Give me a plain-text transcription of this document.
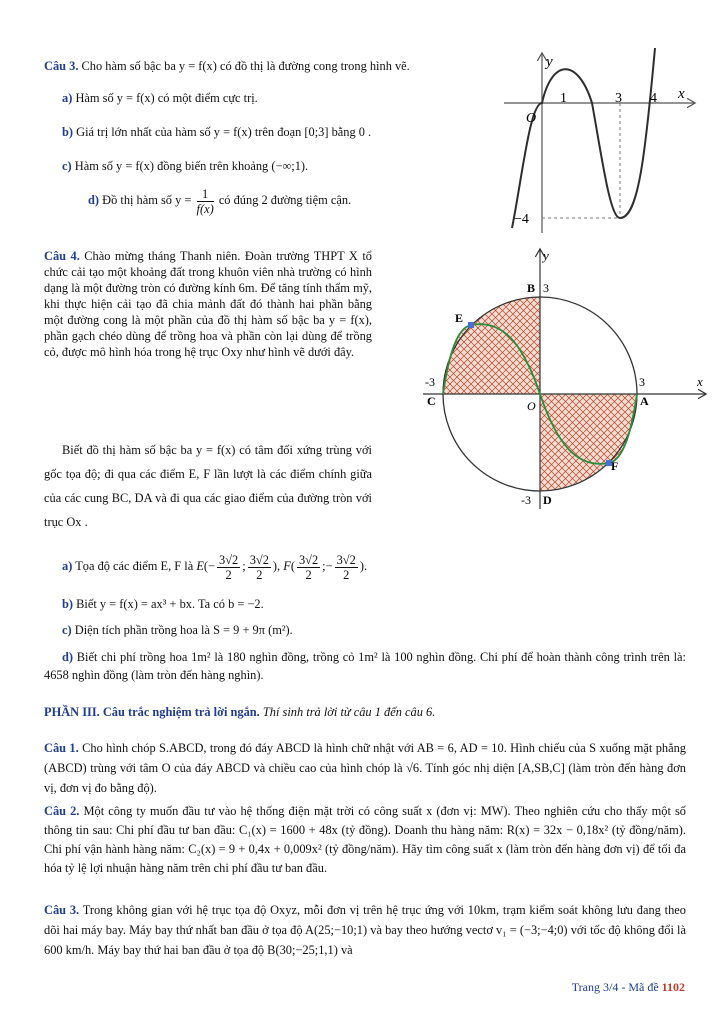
Câu 3. Cho hàm số bậc ba y = f(x) có đồ thị là đường cong trong hình vẽ.
a) Hàm số y = f(x) có một điểm cực trị.
b) Giá trị lớn nhất của hàm số y = f(x) trên đoạn [0;3] bằng 0 .
c) Hàm số y = f(x) đồng biến trên khoảng (−∞;1).
d) Đồ thị hàm số $y = \frac{1}{f(x)}$ có đúng 2 đường tiệm cận.
y
x
O
1	3 4
−4
Câu 4. Chào mừng tháng Thanh niên. Đoàn trường THPT X tổ chức cải tạo một khoảng đất trong khuôn viên nhà trường có hình dạng là một đường tròn có đường kính 6m. Để tăng tính thẩm mỹ, khi thực hiện cải tạo đã chia mảnh đất đó thành hai phần bằng một đường cong là một phần của đồ thị hàm số bậc ba y = f(x), phần gạch chéo dùng để trồng hoa và phần còn lại dùng để trồng cỏ, được mô hình hóa trong hệ trục Oxy như hình vẽ dưới đây.
Biết đồ thị hàm số bậc ba y = f(x) có tâm đối xứng trùng với gốc tọa độ; đi qua các điểm E, F lần lượt là các điểm chính giữa của các cung BC, DA và đi qua các giao điểm của đường tròn với trục Ox .
y
x
B 3
D
-3
A
3
C
-3
E
F
O
a) Tọa độ các điểm E, F là $E(- \frac{3√2}{2}$ ; $\frac{3√2}{2}$ ), $F( \frac{3√2}{2}$ ;− $\frac{3√2}{2}$ ).
b) Biết y = f(x) = ax³ + bx. Ta có b = −2.
c) Diện tích phần trồng hoa là S = 9 + 9π (m²).
d) Biết chi phí trồng hoa 1m² là 180 nghìn đồng, trồng cỏ 1m² là 100 nghìn đồng. Chi phí để hoàn thành công trình trên là: 4658 nghìn đồng (làm tròn đến hàng nghìn).
PHẦN III. Câu trắc nghiệm trả lời ngắn. Thí sinh trả lời từ câu 1 đến câu 6.
Câu 1. Cho hình chóp S.ABCD, trong đó đáy ABCD là hình chữ nhật với AB = 6, AD = 10. Hình chiếu của S xuống mặt phẳng (ABCD) trùng với tâm O của đáy ABCD và chiều cao của hình chóp là √6. Tính góc nhị diện [A,SB,C] (làm tròn đến hàng đơn vị, đơn vị đo bằng độ).
Câu 2. Một công ty muốn đầu tư vào hệ thống điện mặt trời có công suất x (đơn vị: MW). Theo nghiên cứu cho thấy một số thông tin sau: Chi phí đầu tư ban đầu: C₁(x) = 1600 + 48x (tỷ đồng). Doanh thu hàng năm: R(x) = 32x − 0,18x² (tỷ đồng/năm). Chi phí vận hành hàng năm: C₂(x) = 9 + 0,4x + 0,009x² (tỷ đồng/năm). Hãy tìm công suất x (làm tròn đến hàng đơn vị) để tối đa hóa tỷ lệ lợi nhuận hàng năm trên chi phí đầu tư ban đầu.
Câu 3. Trong không gian với hệ trục tọa độ Oxyz, mỗi đơn vị trên hệ trục ứng với 10km, trạm kiểm soát không lưu đang theo dõi hai máy bay. Máy bay thứ nhất ban đầu ở tọa độ A(25;−10;1) và bay theo hướng vectơ v₁ = (−3;−4;0) với tốc độ không đổi là 600 km/h. Máy bay thứ hai ban đầu ở tọa độ B(30;−25;1,1) và
Trang 3/4 - Mã đề 1102
